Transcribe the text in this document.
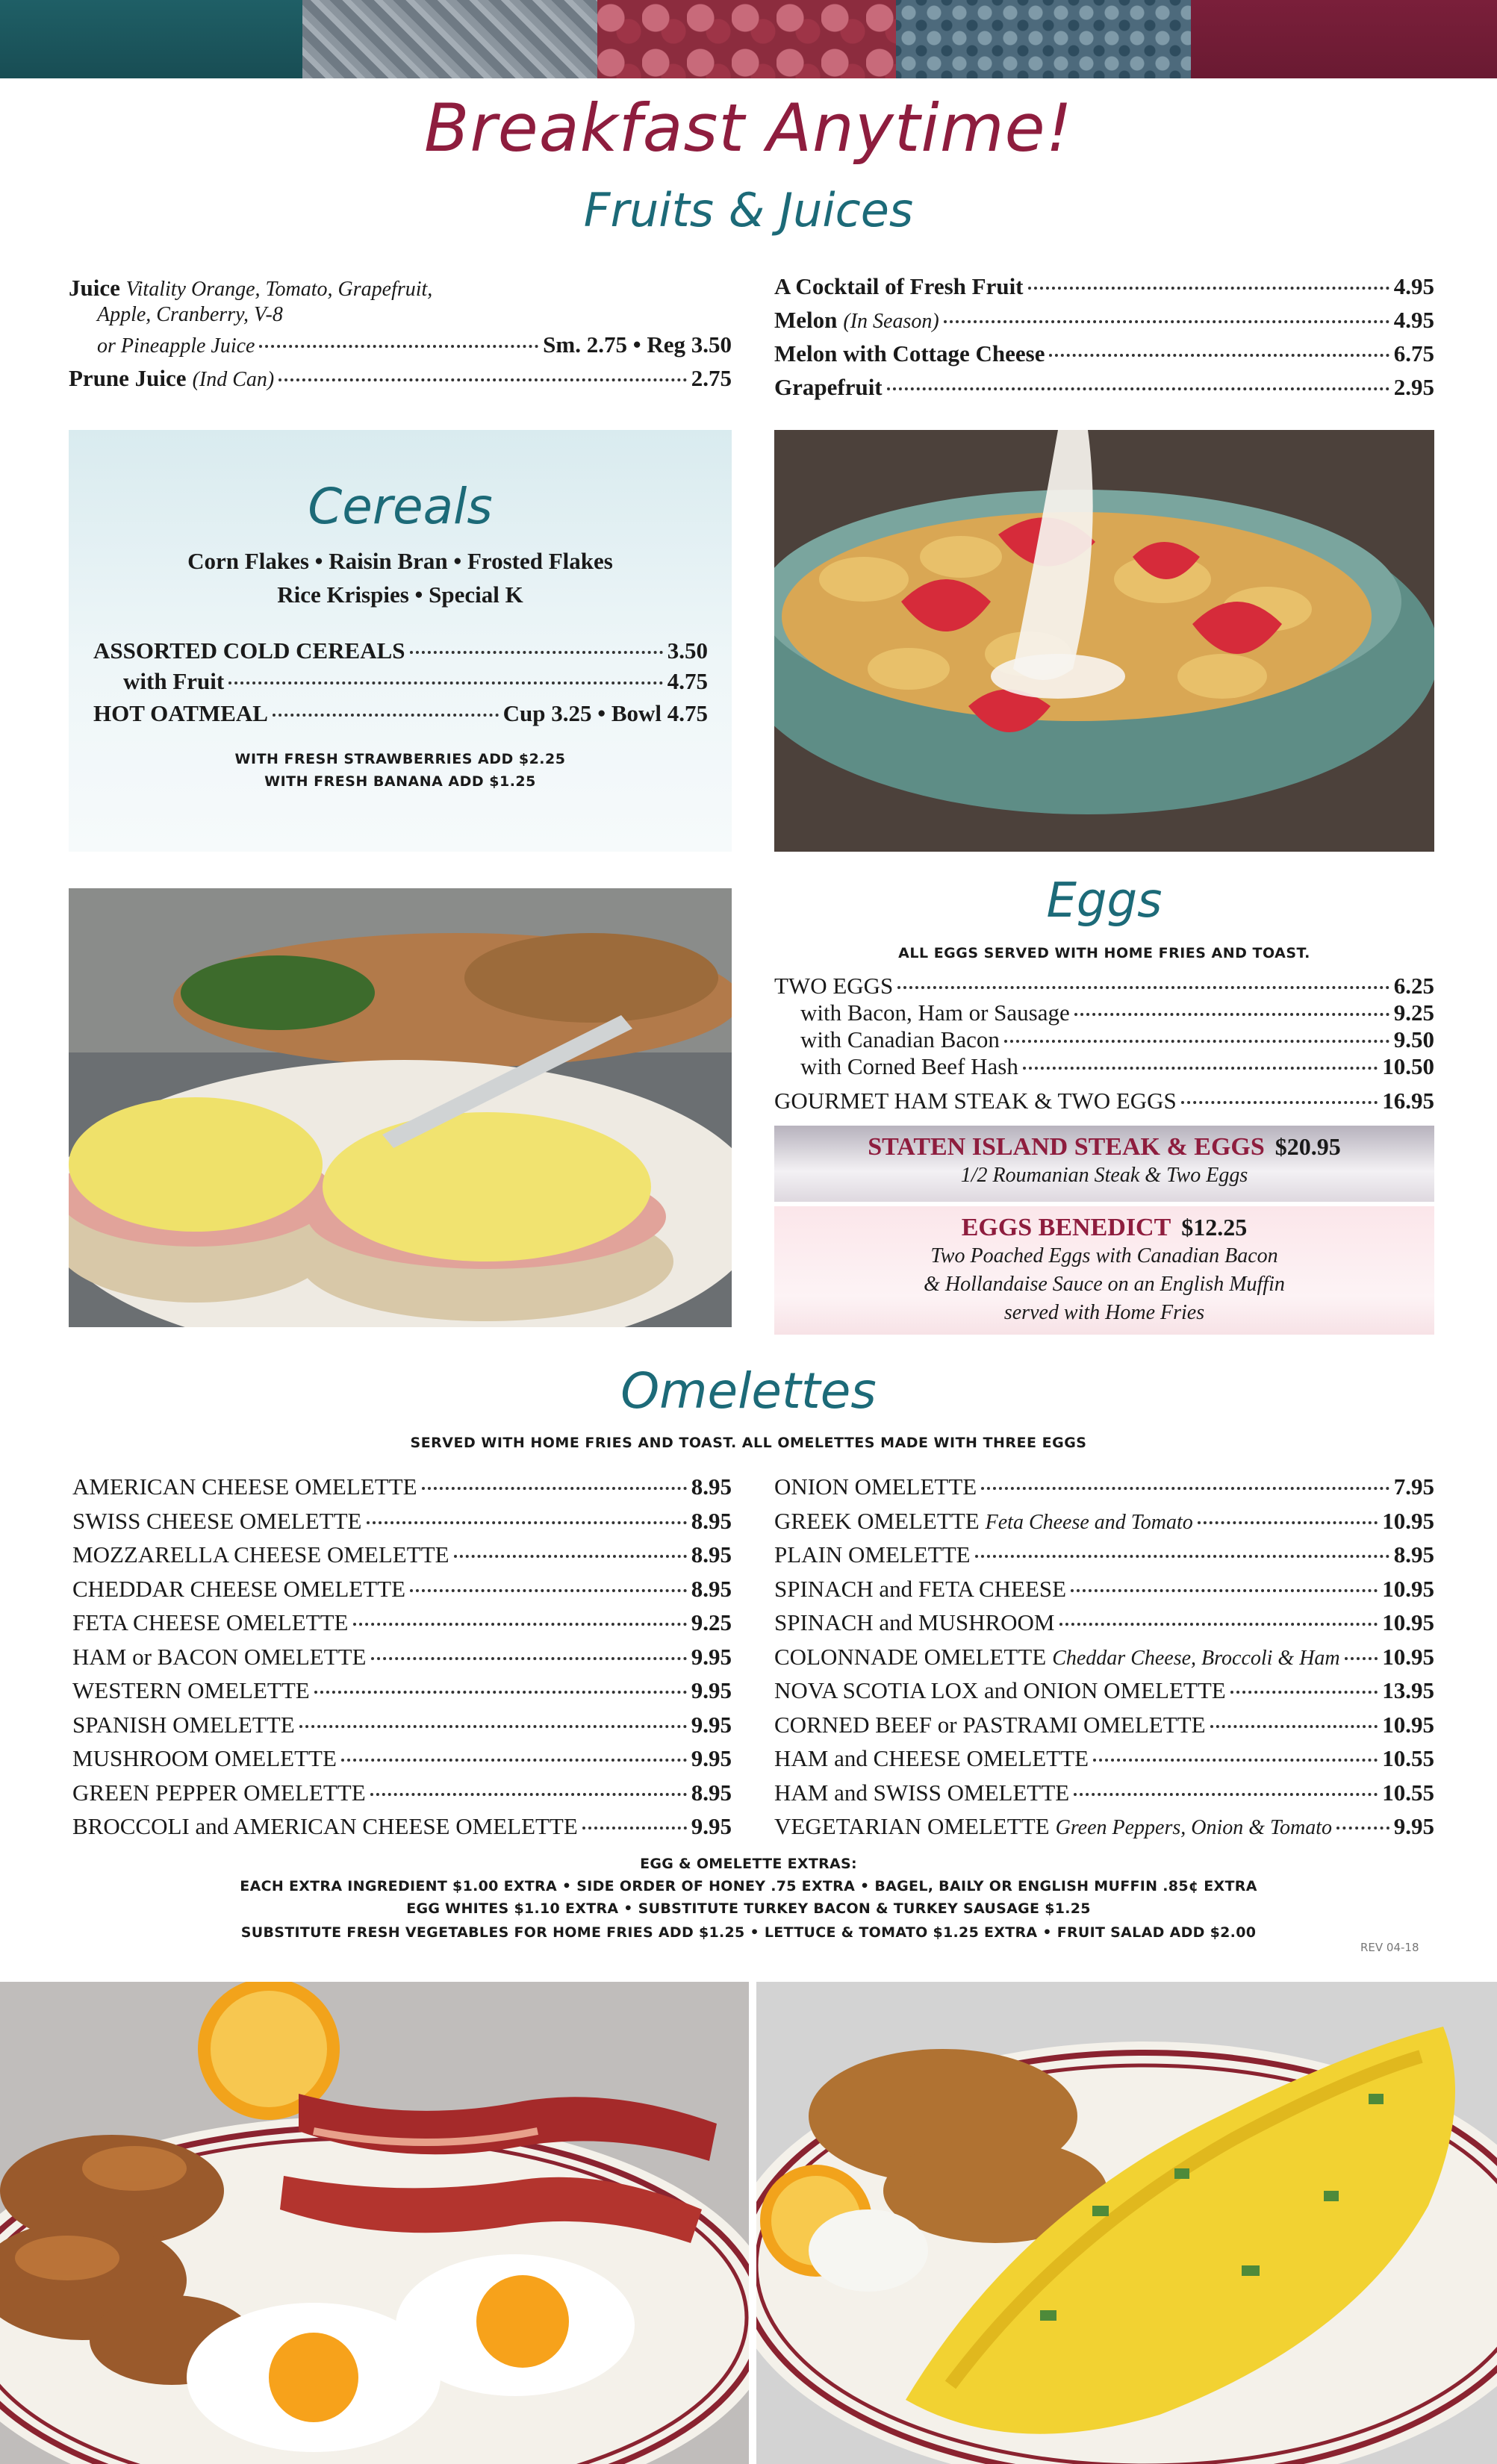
Breakfast Anytime!
Fruits & Juices
Juice Vitality Orange, Tomato, Grapefruit,
Apple, Cranberry, V-8
or Pineapple Juice	Sm. 2.75 • Reg 3.50
Prune Juice (Ind Can)	2.75
A Cocktail of Fresh Fruit	4.95
Melon (In Season)	4.95
Melon with Cottage Cheese	6.75
Grapefruit	2.95
Cereals
Corn Flakes • Raisin Bran • Frosted Flakes
Rice Krispies • Special K
ASSORTED COLD CEREALS	3.50
with Fruit	4.75
HOT OATMEAL	Cup 3.25 • Bowl 4.75
WITH FRESH STRAWBERRIES ADD $2.25
WITH FRESH BANANA ADD $1.25
Eggs
ALL EGGS SERVED WITH HOME FRIES AND TOAST.
TWO EGGS	6.25
with Bacon, Ham or Sausage	9.25
with Canadian Bacon	9.50
with Corned Beef Hash	10.50
GOURMET HAM STEAK & TWO EGGS	16.95
STATEN ISLAND STEAK & EGGS $20.95
1/2 Roumanian Steak & Two Eggs
EGGS BENEDICT $12.25
Two Poached Eggs with Canadian Bacon
& Hollandaise Sauce on an English Muffin
served with Home Fries
Omelettes
SERVED WITH HOME FRIES AND TOAST. ALL OMELETTES MADE WITH THREE EGGS
AMERICAN CHEESE OMELETTE	8.95
SWISS CHEESE OMELETTE	8.95
MOZZARELLA CHEESE OMELETTE	8.95
CHEDDAR CHEESE OMELETTE	8.95
FETA CHEESE OMELETTE	9.25
HAM or BACON OMELETTE	9.95
WESTERN OMELETTE	9.95
SPANISH OMELETTE	9.95
MUSHROOM OMELETTE	9.95
GREEN PEPPER OMELETTE	8.95
BROCCOLI and AMERICAN CHEESE OMELETTE	9.95
ONION OMELETTE	7.95
GREEK OMELETTE Feta Cheese and Tomato	10.95
PLAIN OMELETTE	8.95
SPINACH and FETA CHEESE	10.95
SPINACH and MUSHROOM	10.95
COLONNADE OMELETTE Cheddar Cheese, Broccoli & Ham 10.95
NOVA SCOTIA LOX and ONION OMELETTE	13.95
CORNED BEEF or PASTRAMI OMELETTE	10.95
HAM and CHEESE OMELETTE	10.55
HAM and SWISS OMELETTE	10.55
VEGETARIAN OMELETTE Green Peppers, Onion & Tomato	9.95
EGG & OMELETTE EXTRAS:
EACH EXTRA INGREDIENT $1.00 EXTRA • SIDE ORDER OF HONEY .75 EXTRA • BAGEL, BAILY OR ENGLISH MUFFIN .85¢ EXTRA
EGG WHITES $1.10 EXTRA • SUBSTITUTE TURKEY BACON & TURKEY SAUSAGE $1.25
SUBSTITUTE FRESH VEGETABLES FOR HOME FRIES ADD $1.25 • LETTUCE & TOMATO $1.25 EXTRA • FRUIT SALAD ADD $2.00
REV 04-18
